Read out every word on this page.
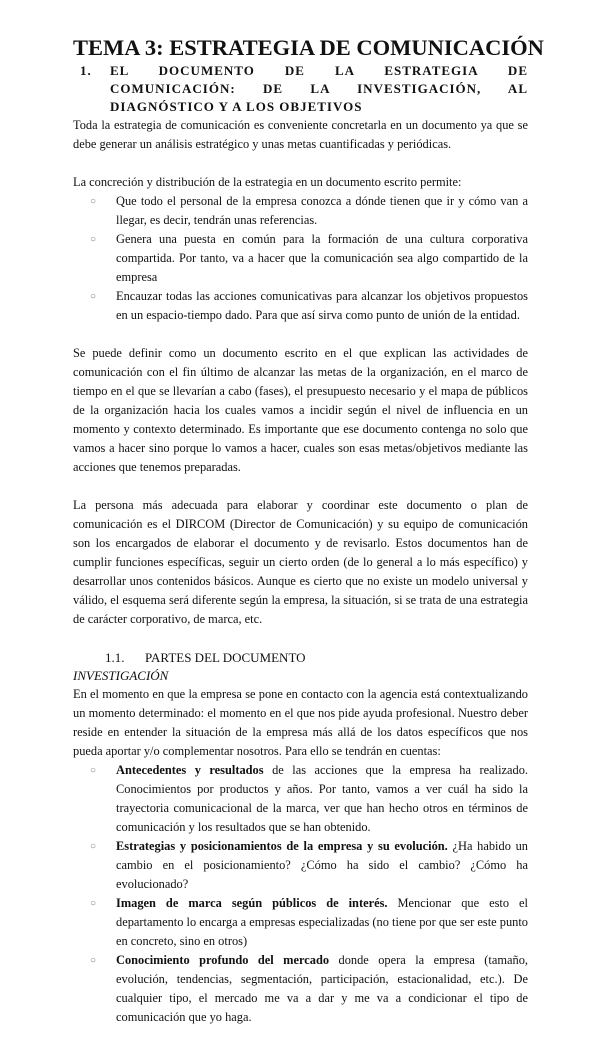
TEMA 3: ESTRATEGIA DE COMUNICACIÓN
1. EL DOCUMENTO DE LA ESTRATEGIA DE COMUNICACIÓN: DE LA INVESTIGACIÓN, AL DIAGNÓSTICO Y A LOS OBJETIVOS

Toda la estrategia de comunicación es conveniente concretarla en un documento ya que se debe generar un análisis estratégico y unas metas cuantificadas y periódicas.

La concreción y distribución de la estrategia en un documento escrito permite:

○ Que todo el personal de la empresa conozca a dónde tienen que ir y cómo van a llegar, es decir, tendrán unas referencias.
○ Genera una puesta en común para la formación de una cultura corporativa compartida. Por tanto, va a hacer que la comunicación sea algo compartido de la empresa
○ Encauzar todas las acciones comunicativas para alcanzar los objetivos propuestos en un espacio-tiempo dado. Para que así sirva como punto de unión de la entidad.

Se puede definir como un documento escrito en el que explican las actividades de comunicación con el fin último de alcanzar las metas de la organización, en el marco de tiempo en el que se llevarían a cabo (fases), el presupuesto necesario y el mapa de públicos de la organización hacia los cuales vamos a incidir según el nivel de influencia en un momento y contexto determinado. Es importante que ese documento contenga no solo que vamos a hacer sino porque lo vamos a hacer, cuales son esas metas/objetivos mediante las acciones que tenemos preparadas.

La persona más adecuada para elaborar y coordinar este documento o plan de comunicación es el DIRCOM (Director de Comunicación) y su equipo de comunicación son los encargados de elaborar el documento y de revisarlo. Estos documentos han de cumplir funciones específicas, seguir un cierto orden (de lo general a lo más específico) y desarrollar unos contenidos básicos. Aunque es cierto que no existe un modelo universal y válido, el esquema será diferente según la empresa, la situación, si se trata de una estrategia de carácter corporativo, de marca, etc.

1.1. PARTES DEL DOCUMENTO
INVESTIGACIÓN

En el momento en que la empresa se pone en contacto con la agencia está contextualizando un momento determinado: el momento en el que nos pide ayuda profesional. Nuestro deber reside en entender la situación de la empresa más allá de los datos específicos que nos pueda aportar y/o complementar nosotros. Para ello se tendrán en cuentas:

○ Antecedentes y resultados de las acciones que la empresa ha realizado. Conocimientos por productos y años. Por tanto, vamos a ver cuál ha sido la trayectoria comunicacional de la marca, ver que han hecho otros en términos de comunicación y los resultados que se han obtenido.
○ Estrategias y posicionamientos de la empresa y su evolución. ¿Ha habido un cambio en el posicionamiento? ¿Cómo ha sido el cambio? ¿Cómo ha evolucionado?
○ Imagen de marca según públicos de interés. Mencionar que esto el departamento lo encarga a empresas especializadas (no tiene por que ser este punto en concreto, sino en otros)
○ Conocimiento profundo del mercado donde opera la empresa (tamaño, evolución, tendencias, segmentación, participación, estacionalidad, etc.). De cualquier tipo, el mercado me va a dar y me va a condicionar el tipo de comunicación que yo haga.
